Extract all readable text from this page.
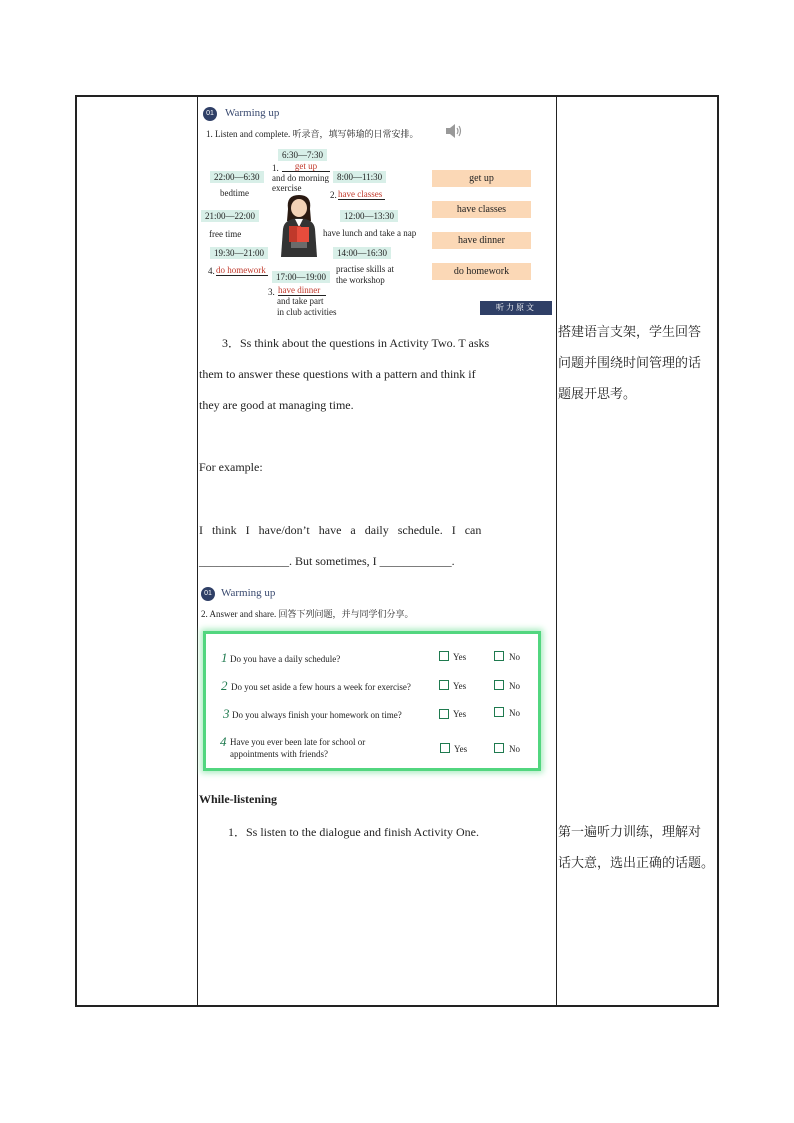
01 Warming up
1. Listen and complete. 听录音，填写韩瑜的日常安排。
6:30—7:30
1.	get up
and do morning
exercise
22:00—6:30
bedtime
8:00—11:30
2. have classes
21:00—22:00
free time
12:00—13:30
have lunch and take a nap
19:30—21:00
4. do homework
14:00—16:30
practise skills at
the workshop
17:00—19:00
3. have dinner
and take part
in club activities
get up
have classes
have dinner
do homework
听力原文
3．Ss think about the questions in Activity Two. T asks
them to answer these questions with a pattern and think if
they are good at managing time.
For example:
I   think   I   have/don’t   have   a   daily   schedule.   I   can
_______________. But sometimes, I ____________.
搭建语言支架，学生回答
问题并围绕时间管理的话
题展开思考。
01 Warming up
2. Answer and share. 回答下列问题，并与同学们分享。
1 Do you have a daily schedule?	Yes	No
2 Do you set aside a few hours a week for exercise?	Yes	No
3 Do you always finish your homework on time?	Yes	No
4 Have you ever been late for school or
appointments with friends?	Yes	No
While-listening
1．Ss listen to the dialogue and finish Activity One.	第一遍听力训练，理解对
话大意，选出正确的话题。
